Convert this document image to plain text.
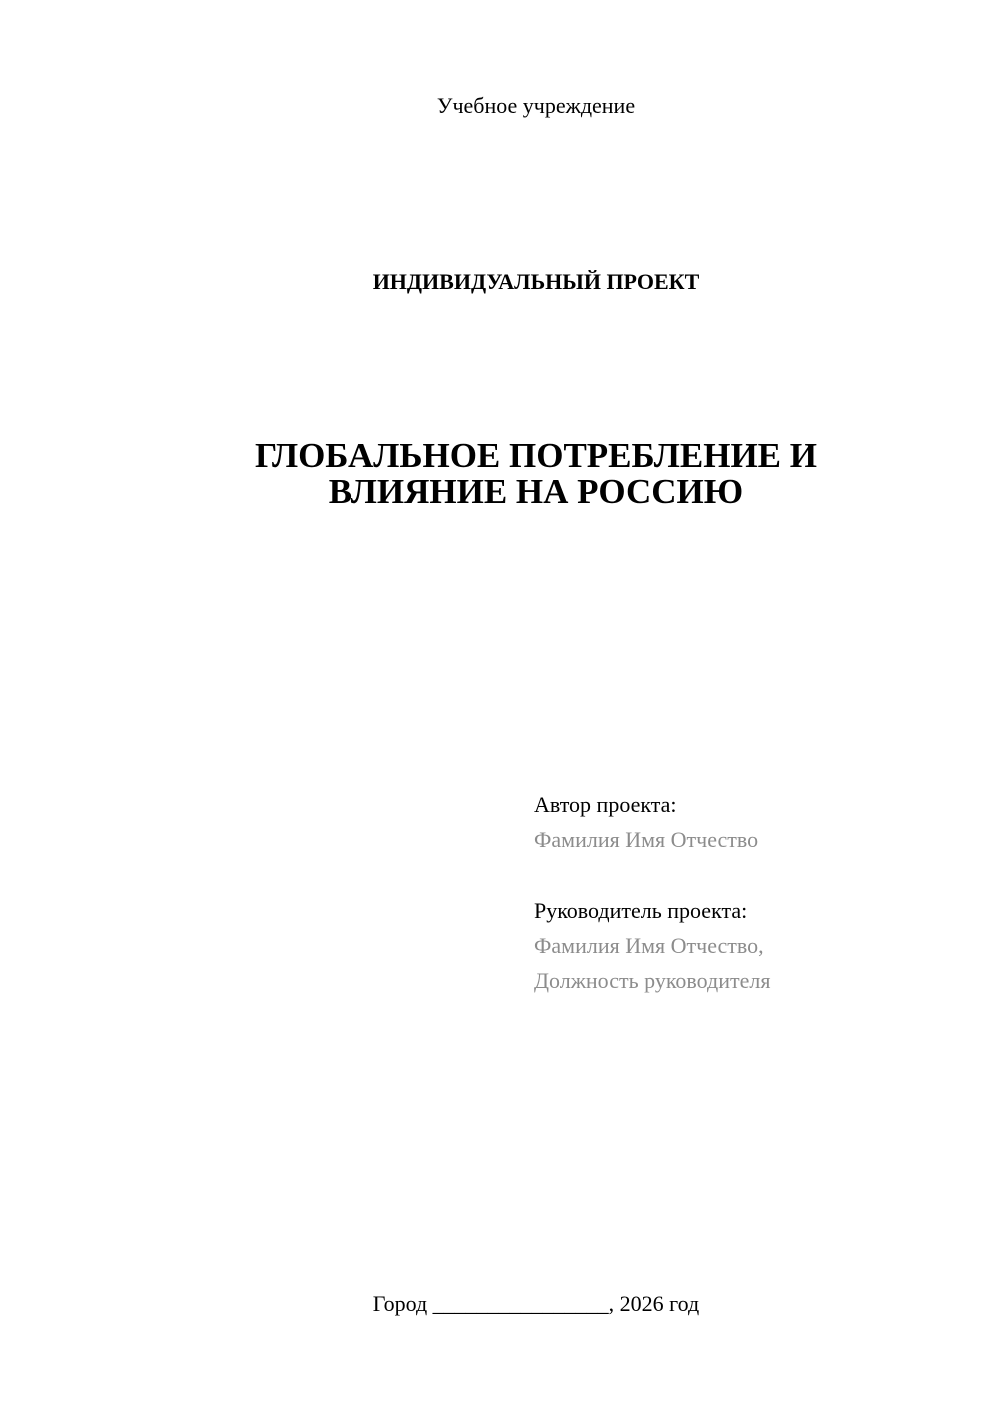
Учебное учреждение
ИНДИВИДУАЛЬНЫЙ ПРОЕКТ
ГЛОБАЛЬНОЕ ПОТРЕБЛЕНИЕ И
ВЛИЯНИЕ НА РОССИЮ
Автор проекта:
Фамилия Имя Отчество
Руководитель проекта:
Фамилия Имя Отчество,
Должность руководителя
Город ________________, 2026 год
